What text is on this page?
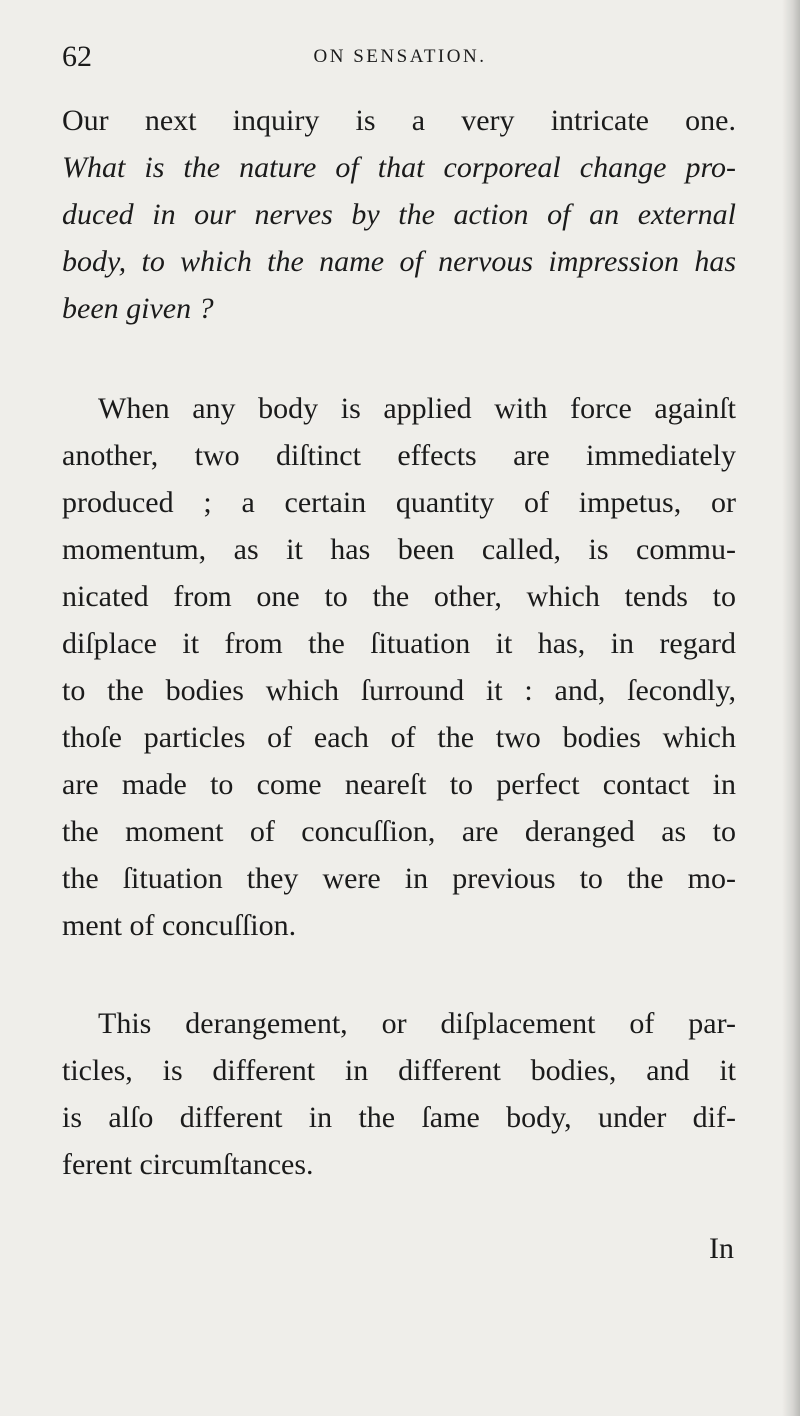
62	ON SENSATION.

Our next inquiry is a very intricate one.
What is the nature of that corporeal change pro-
duced in our nerves by the action of an external
body, to which the name of nervous impression has
been given ?

When any body is applied with force againſt
another, two diſtinct effects are immediately
produced ; a certain quantity of impetus, or
momentum, as it has been called, is commu-
nicated from one to the other, which tends to
diſplace it from the ſituation it has, in regard
to the bodies which ſurround it : and, ſecondly,
thoſe particles of each of the two bodies which
are made to come neareſt to perfect contact in
the moment of concuſſion, are deranged as to
the ſituation they were in previous to the mo-
ment of concuſſion.

This derangement, or diſplacement of par-
ticles, is different in different bodies, and it
is alſo different in the ſame body, under dif-
ferent circumſtances.

In
